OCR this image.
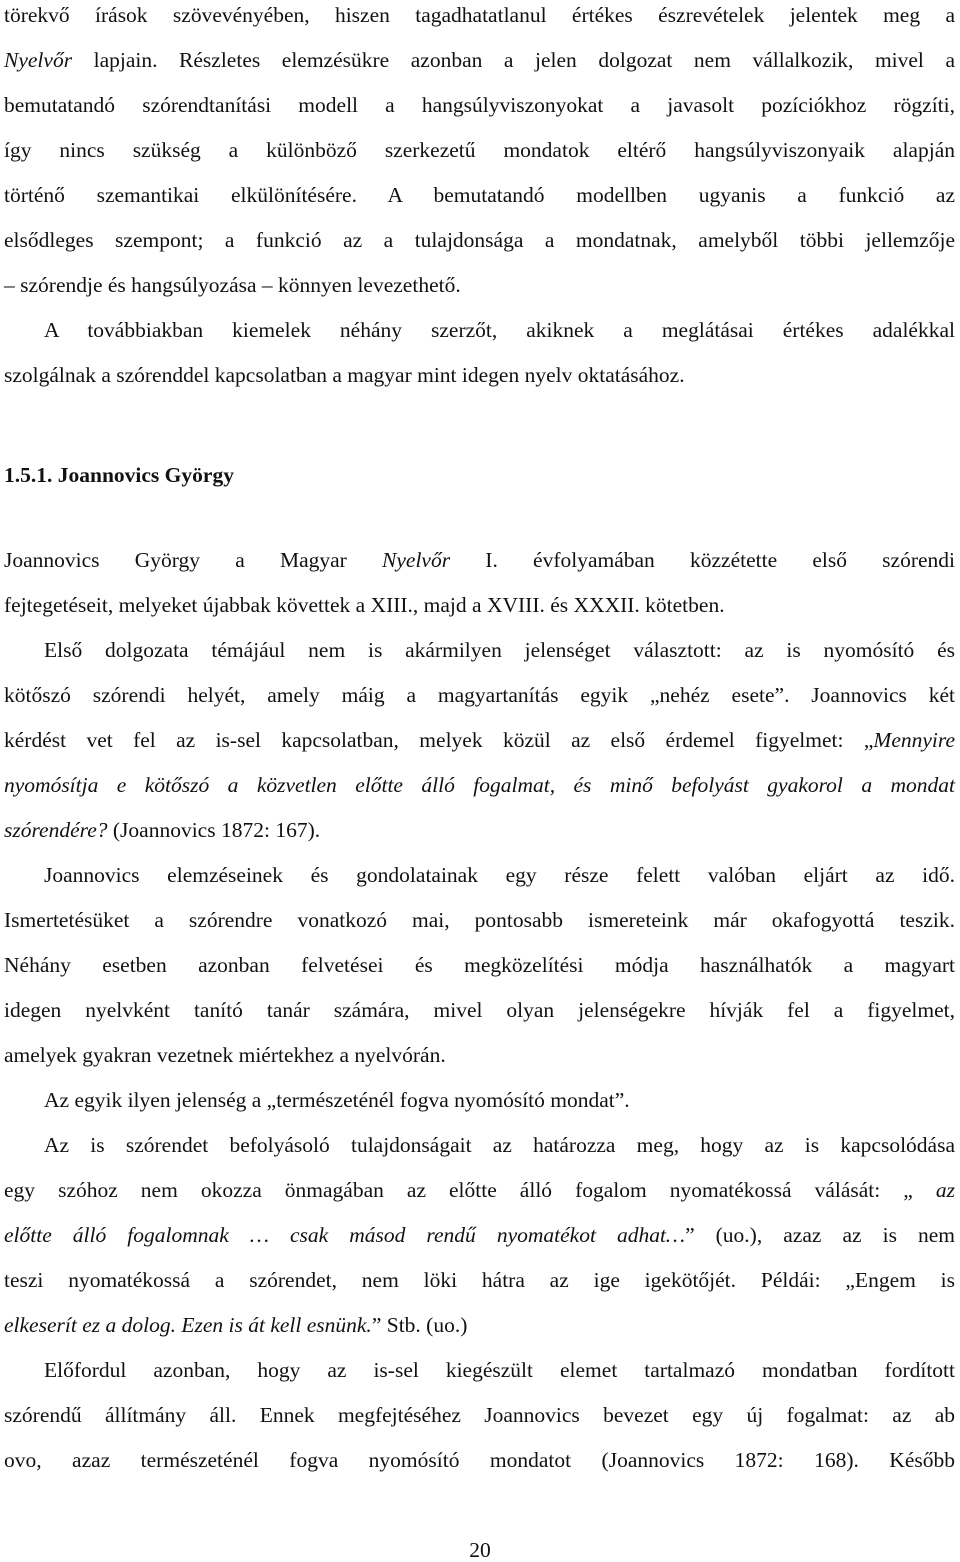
törekvő írások szövevényében, hiszen tagadhatatlanul értékes észrevételek jelentek meg a
Nyelvőr lapjain. Részletes elemzésükre azonban a jelen dolgozat nem vállalkozik, mivel a
bemutatandó szórendtanítási modell a hangsúlyviszonyokat a javasolt pozíciókhoz rögzíti,
így nincs szükség a különböző szerkezetű mondatok eltérő hangsúlyviszonyaik alapján
történő szemantikai elkülönítésére. A bemutatandó modellben ugyanis a funkció az
elsődleges szempont; a funkció az a tulajdonsága a mondatnak, amelyből többi jellemzője
– szórendje és hangsúlyozása – könnyen levezethető.
A továbbiakban kiemelek néhány szerzőt, akiknek a meglátásai értékes adalékkal
szolgálnak a szórenddel kapcsolatban a magyar mint idegen nyelv oktatásához.
1.5.1. Joannovics György
Joannovics György a Magyar Nyelvőr I. évfolyamában közzétette első szórendi
fejtegetéseit, melyeket újabbak követtek a XIII., majd a XVIII. és XXXII. kötetben.
Első dolgozata témájául nem is akármilyen jelenséget választott: az is nyomósító és
kötőszó szórendi helyét, amely máig a magyartanítás egyik „nehéz esete”. Joannovics két
kérdést vet fel az is-sel kapcsolatban, melyek közül az első érdemel figyelmet: „Mennyire
nyomósítja e kötőszó a közvetlen előtte álló fogalmat, és minő befolyást gyakorol a mondat
szórendére? (Joannovics 1872: 167).
Joannovics elemzéseinek és gondolatainak egy része felett valóban eljárt az idő.
Ismertetésüket a szórendre vonatkozó mai, pontosabb ismereteink már okafogyottá teszik.
Néhány esetben azonban felvetései és megközelítési módja használhatók a magyart
idegen nyelvként tanító tanár számára, mivel olyan jelenségekre hívják fel a figyelmet,
amelyek gyakran vezetnek miértekhez a nyelvórán.
Az egyik ilyen jelenség a „természeténél fogva nyomósító mondat”.
Az is szórendet befolyásoló tulajdonságait az határozza meg, hogy az is kapcsolódása
egy szóhoz nem okozza önmagában az előtte álló fogalom nyomatékossá válását: „ az
előtte álló fogalomnak … csak másod rendű nyomatékot adhat…” (uo.), azaz az is nem
teszi nyomatékossá a szórendet, nem löki hátra az ige igekötőjét. Példái: „Engem is
elkeserít ez a dolog. Ezen is át kell esnünk.” Stb. (uo.)
Előfordul azonban, hogy az is-sel kiegészült elemet tartalmazó mondatban fordított
szórendű állítmány áll. Ennek megfejtéséhez Joannovics bevezet egy új fogalmat: az ab
ovo, azaz természeténél fogva nyomósító mondatot (Joannovics 1872: 168). Később
20
